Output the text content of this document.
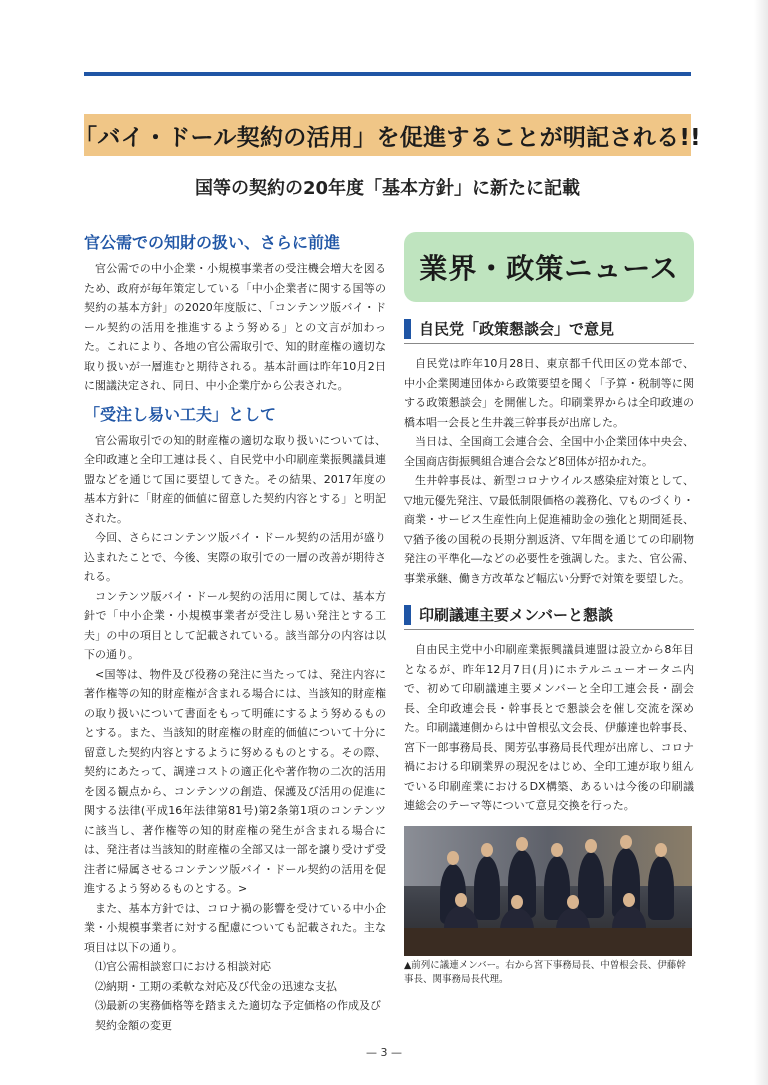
「バイ・ドール契約の活用」を促進することが明記される!!
国等の契約の20年度「基本方針」に新たに記載
官公需での知財の扱い、さらに前進

官公需での中小企業・小規模事業者の受注機会増大を図るため、政府が毎年策定している「中小企業者に関する国等の契約の基本方針」の2020年度版に、「コンテンツ版バイ・ドール契約の活用を推進するよう努める」との文言が加わった。これにより、各地の官公需取引で、知的財産権の適切な取り扱いが一層進むと期待される。基本計画は昨年10月2日に閣議決定され、同日、中小企業庁から公表された。

「受注し易い工夫」として

官公需取引での知的財産権の適切な取り扱いについては、全印政連と全印工連は長く、自民党中小印刷産業振興議員連盟などを通じて国に要望してきた。その結果、2017年度の基本方針に「財産的価値に留意した契約内容とする」と明記された。

今回、さらにコンテンツ版バイ・ドール契約の活用が盛り込まれたことで、今後、実際の取引での一層の改善が期待される。

コンテンツ版バイ・ドール契約の活用に関しては、基本方針で「中小企業・小規模事業者が受注し易い発注とする工夫」の中の項目として記載されている。該当部分の内容は以下の通り。

<国等は、物件及び役務の発注に当たっては、発注内容に著作権等の知的財産権が含まれる場合には、当該知的財産権の取り扱いについて書面をもって明確にするよう努めるものとする。また、当該知的財産権の財産的価値について十分に留意した契約内容とするように努めるものとする。その際、契約にあたって、調達コストの適正化や著作物の二次的活用を図る観点から、コンテンツの創造、保護及び活用の促進に関する法律(平成16年法律第81号)第2条第1項のコンテンツに該当し、著作権等の知的財産権の発生が含まれる場合には、発注者は当該知的財産権の全部又は一部を譲り受けず受注者に帰属させるコンテンツ版バイ・ドール契約の活用を促進するよう努めるものとする。>

また、基本方針では、コロナ禍の影響を受けている中小企業・小規模事業者に対する配慮についても記載された。主な項目は以下の通り。

⑴官公需相談窓口における相談対応

⑵納期・工期の柔軟な対応及び代金の迅速な支払

⑶最新の実務価格等を踏まえた適切な予定価格の作成及び契約金額の変更

業界・政策ニュース
自民党「政策懇談会」で意見

自民党は昨年10月28日、東京都千代田区の党本部で、中小企業関連団体から政策要望を聞く「予算・税制等に関する政策懇談会」を開催した。印刷業界からは全印政連の橋本唱一会長と生井義三幹事長が出席した。

当日は、全国商工会連合会、全国中小企業団体中央会、全国商店街振興組合連合会など8団体が招かれた。

生井幹事長は、新型コロナウイルス感染症対策として、▽地元優先発注、▽最低制限価格の義務化、▽ものづくり・商業・サービス生産性向上促進補助金の強化と期間延長、▽猶予後の国税の長期分割返済、▽年間を通じての印刷物発注の平準化―などの必要性を強調した。また、官公需、事業承継、働き方改革など幅広い分野で対策を要望した。

印刷議連主要メンバーと懇談

自由民主党中小印刷産業振興議員連盟は設立から8年目となるが、昨年12月7日(月)にホテルニューオータニ内で、初めて印刷議連主要メンバーと全印工連会長・副会長、全印政連会長・幹事長とで懇談会を催し交流を深めた。印刷議連側からは中曽根弘文会長、伊藤達也幹事長、宮下一郎事務局長、関芳弘事務局長代理が出席し、コロナ禍における印刷業界の現況をはじめ、全印工連が取り組んでいる印刷産業におけるDX構築、あるいは今後の印刷議連総会のテーマ等について意見交換を行った。

▲前列に議連メンバー。右から宮下事務局長、中曽根会長、伊藤幹事長、関事務局長代理。
— 3 —
